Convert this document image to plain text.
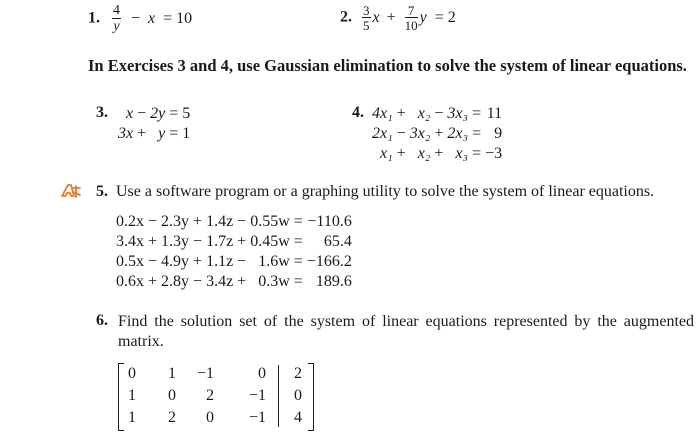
1. $\frac{4}{y} - x = 10$	2. $\frac{3}{5}$ $x + \frac{7}{10}$ y = 2
In Exercises 3 and 4, use Gaussian elimination to solve the system of linear equations.
3. x	−	2y	=	5
3x	+	y	=	1
4. 4x₁	+	x₂	−	3x₃	=	11
2x₁	−	3x₂	+	2x₃	=	9
x₁	+	x₂	+	x₃	=	−3
5. Use a software program or a graphing utility to solve the system of linear equations.
0.2x	−	2.3y	+	1.4z	−	0.55w	=	−110.6
3.4x	+	1.3y	−	1.7z	+	0.45w	=	65.4
0.5x	−	4.9y	+	1.1z	−	1.6w	=	−166.2
0.6x	+	2.8y	−	3.4z	+	0.3w	=	189.6
6. Find the solution set of the system of linear equations represented by the augmented matrix.
0	1	−1	0	2
1	0	2	−1	0
1	2	0	−1	4
